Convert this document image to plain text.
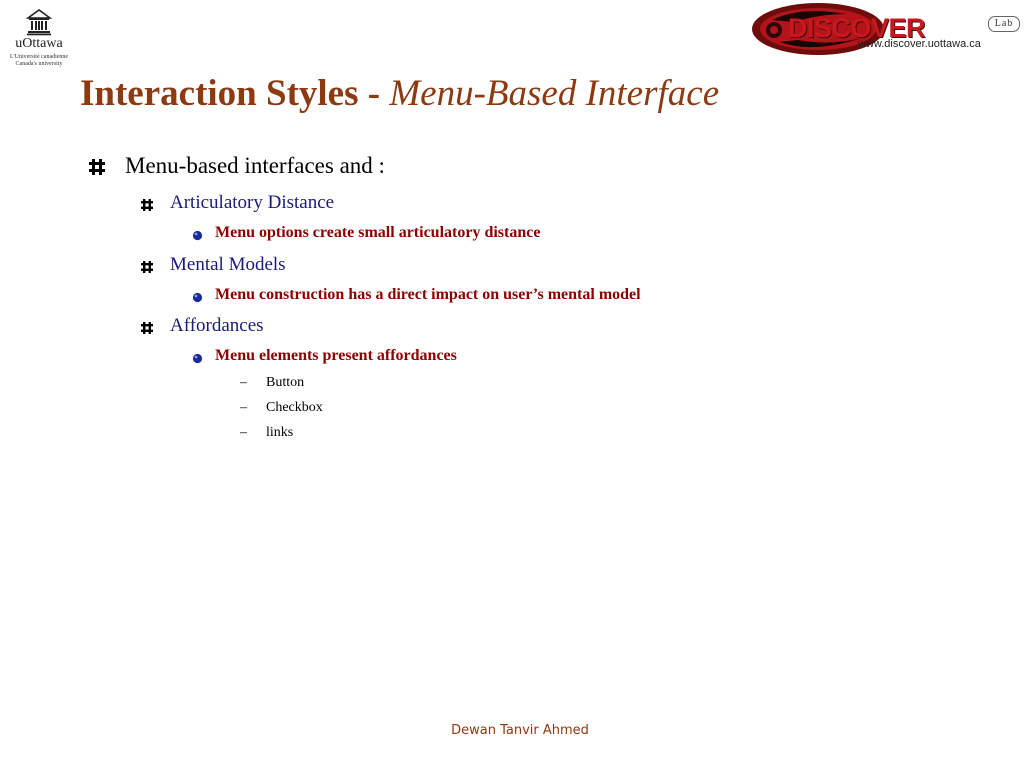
uOttawa
L'Université canadienne
Canada's university
DISCOVER	Lab
www.discover.uottawa.ca
Interaction Styles - Menu-Based Interface
Menu-based interfaces and :
Articulatory Distance
Menu options create small articulatory distance
Mental Models
Menu construction has a direct impact on user’s mental model
Affordances
Menu elements present affordances
– Button
– Checkbox
– links
Dewan Tanvir Ahmed
